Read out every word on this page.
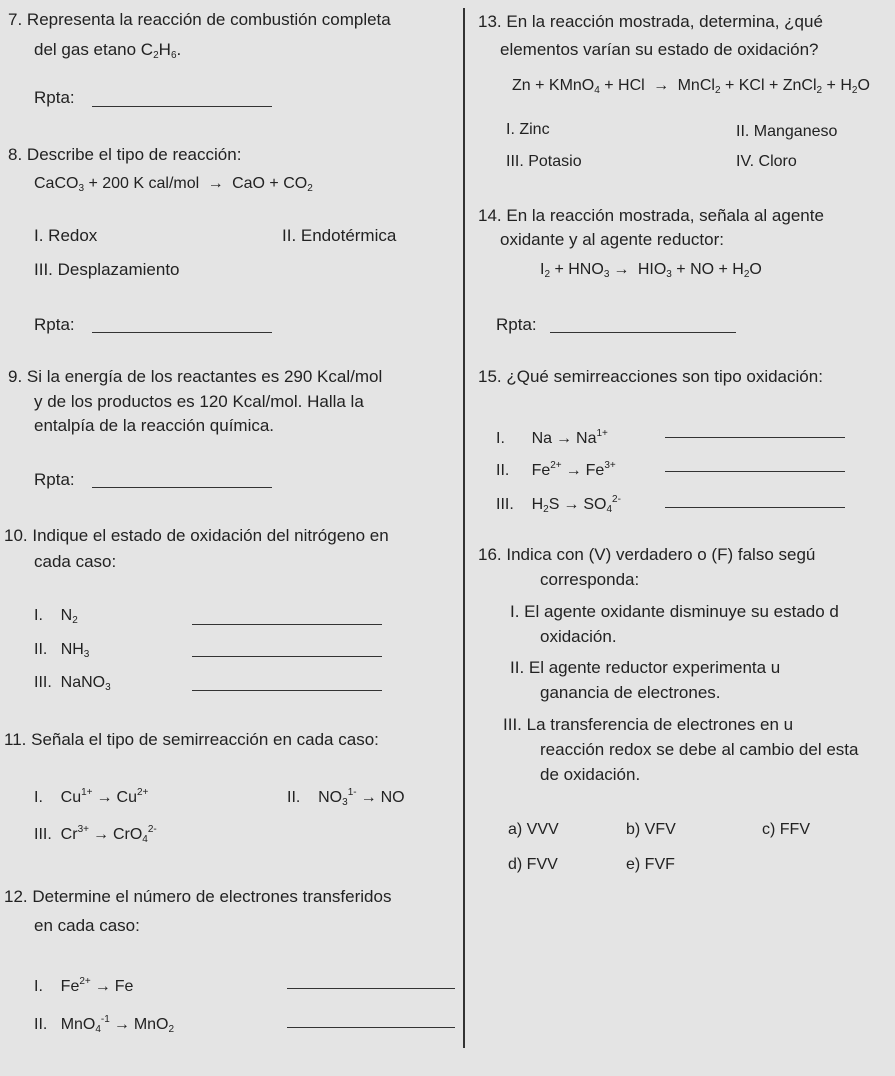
7. Representa la reacción de combustión completa
del gas etano $C_2H_6$.
Rpta:
8. Describe el tipo de reacción:
CaCO$_3$ + 200 K cal/mol → CaO + $CO_2$
I. Redox	II. Endotérmica
III. Desplazamiento
Rpta:
9. Si la energía de los reactantes es 290 Kcal/mol
y de los productos es 120 Kcal/mol. Halla la
entalpía de la reacción química.
Rpta:
10. Indique el estado de oxidación del nitrógeno en
cada caso:
I. $N_2$
II. $NH_3$
III. NaNO$_3$
11. Señala el tipo de semirreacción en cada caso:
I. $Cu^{1+} \to Cu^{2+}$	II. $NO_3^{1-}$ → NO
III. $Cr^{3+} \to CrO_4^{2-}$
12. Determine el número de electrones transferidos
en cada caso:
I. $Fe^{2+} \to Fe$
II. MnO$_4^{-1}$ → MnO$_2$
13. En la reacción mostrada, determina, ¿qué
elementos varían su estado de oxidación?
Zn + KMnO$_4$ + HCl → MnCl$_2$ + KCl + ZnCl$_2$ + $H_2O$
I. Zinc	II. Manganeso
III. Potasio	IV. Cloro
14. En la reacción mostrada, señala al agente
oxidante y al agente reductor:
$I_2 + HNO_3 \to HIO_3$ + NO + $H_2O$
Rpta:
15. ¿Qué semirreacciones son tipo oxidación:
I. $Na \to Na^{1+}$
II. $Fe^{2+} \to Fe^{3+}$
III. $H_2S \to SO_4^{2-}$
16. Indica con (V) verdadero o (F) falso segú
corresponda:
I. El agente oxidante disminuye su estado d
oxidación.
II. El agente reductor experimenta u
ganancia de electrones.
III. La transferencia de electrones en u
reacción redox se debe al cambio del esta
de oxidación.
a) VVV	b) VFV	c) FFV
d) FVV	e) FVF
